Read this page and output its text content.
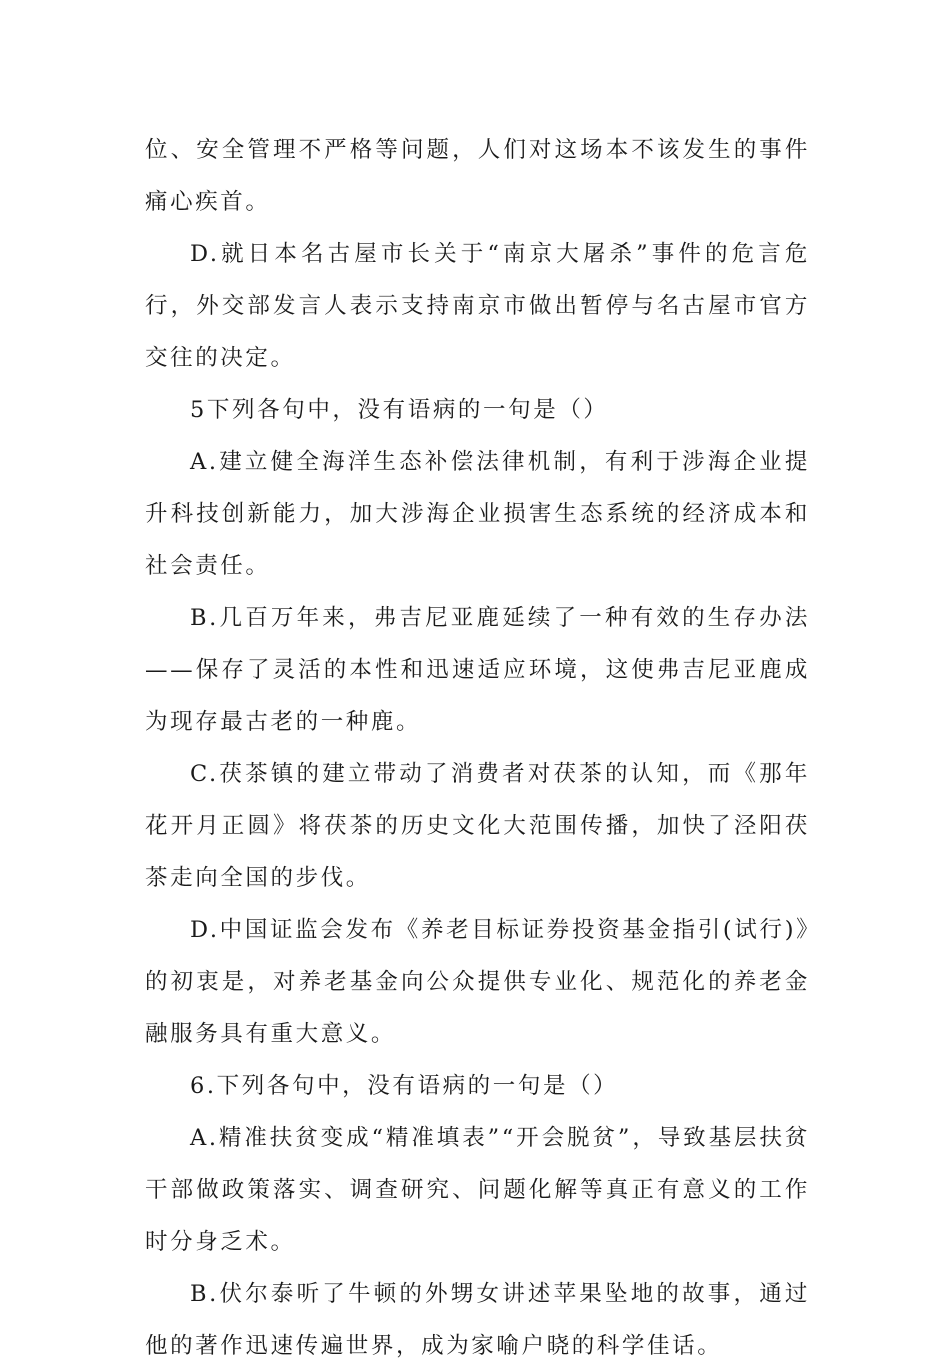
位、安全管理不严格等问题，人们对这场本不该发生的事件痛心疾首。

D.就日本名古屋市长关于“南京大屠杀”事件的危言危行，外交部发言人表示支持南京市做出暂停与名古屋市官方交往的决定。

5下列各句中，没有语病的一句是（）

A.建立健全海洋生态补偿法律机制，有利于涉海企业提升科技创新能力，加大涉海企业损害生态系统的经济成本和社会责任。

B.几百万年来，弗吉尼亚鹿延续了一种有效的生存办法——保存了灵活的本性和迅速适应环境，这使弗吉尼亚鹿成为现存最古老的一种鹿。

C.茯茶镇的建立带动了消费者对茯茶的认知，而《那年花开月正圆》将茯茶的历史文化大范围传播，加快了泾阳茯茶走向全国的步伐。

D.中国证监会发布《养老目标证券投资基金指引(试行)》的初衷是，对养老基金向公众提供专业化、规范化的养老金融服务具有重大意义。

6.下列各句中，没有语病的一句是（）

A.精准扶贫变成“精准填表”“开会脱贫”，导致基层扶贫干部做政策落实、调查研究、问题化解等真正有意义的工作时分身乏术。

B.伏尔泰听了牛顿的外甥女讲述苹果坠地的故事，通过他的著作迅速传遍世界，成为家喻户晓的科学佳话。
